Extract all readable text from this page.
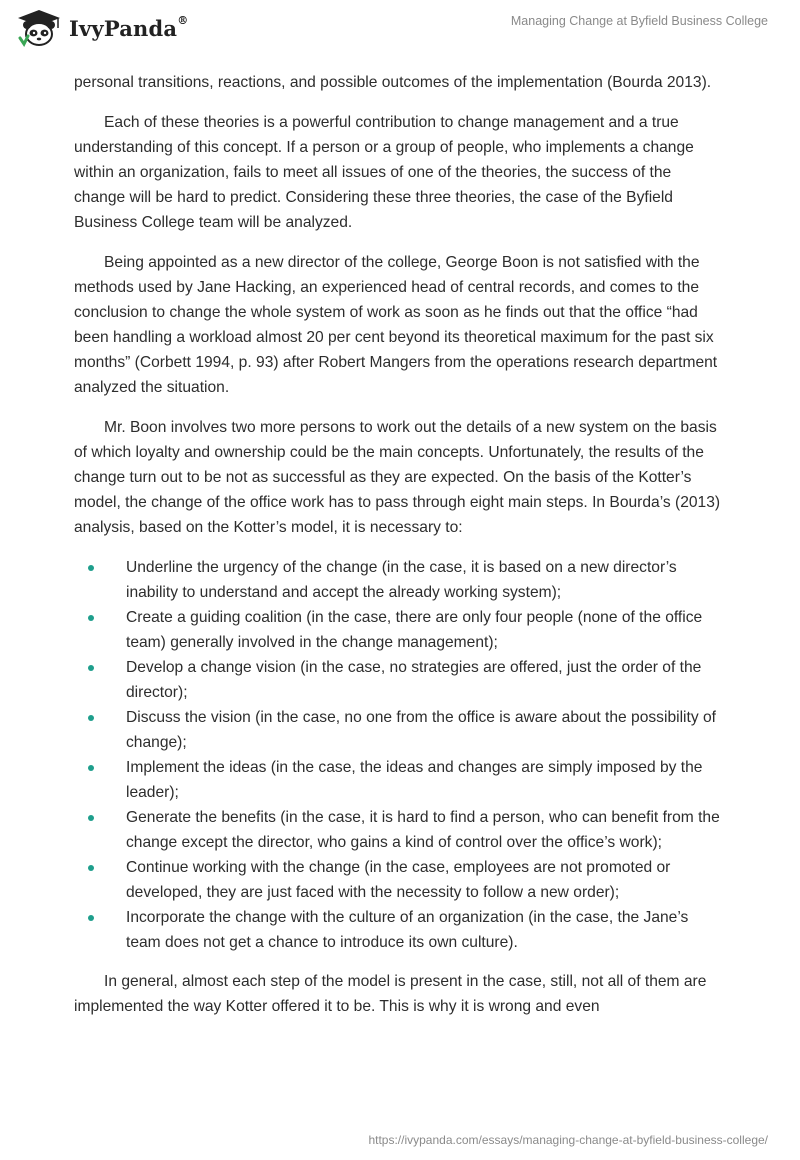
IvyPanda®	Managing Change at Byfield Business College

personal transitions, reactions, and possible outcomes of the implementation (Bourda 2013).

Each of these theories is a powerful contribution to change management and a true understanding of this concept. If a person or a group of people, who implements a change within an organization, fails to meet all issues of one of the theories, the success of the change will be hard to predict. Considering these three theories, the case of the Byfield Business College team will be analyzed.

Being appointed as a new director of the college, George Boon is not satisfied with the methods used by Jane Hacking, an experienced head of central records, and comes to the conclusion to change the whole system of work as soon as he finds out that the office “had been handling a workload almost 20 per cent beyond its theoretical maximum for the past six months” (Corbett 1994, p. 93) after Robert Mangers from the operations research department analyzed the situation.

Mr. Boon involves two more persons to work out the details of a new system on the basis of which loyalty and ownership could be the main concepts. Unfortunately, the results of the change turn out to be not as successful as they are expected. On the basis of the Kotter’s model, the change of the office work has to pass through eight main steps. In Bourda’s (2013) analysis, based on the Kotter’s model, it is necessary to:

Underline the urgency of the change (in the case, it is based on a new director’s inability to understand and accept the already working system);
Create a guiding coalition (in the case, there are only four people (none of the office team) generally involved in the change management);
Develop a change vision (in the case, no strategies are offered, just the order of the director);
Discuss the vision (in the case, no one from the office is aware about the possibility of change);
Implement the ideas (in the case, the ideas and changes are simply imposed by the leader);
Generate the benefits (in the case, it is hard to find a person, who can benefit from the change except the director, who gains a kind of control over the office’s work);
Continue working with the change (in the case, employees are not promoted or developed, they are just faced with the necessity to follow a new order);
Incorporate the change with the culture of an organization (in the case, the Jane’s team does not get a chance to introduce its own culture).

In general, almost each step of the model is present in the case, still, not all of them are implemented the way Kotter offered it to be. This is why it is wrong and even

https://ivypanda.com/essays/managing-change-at-byfield-business-college/
